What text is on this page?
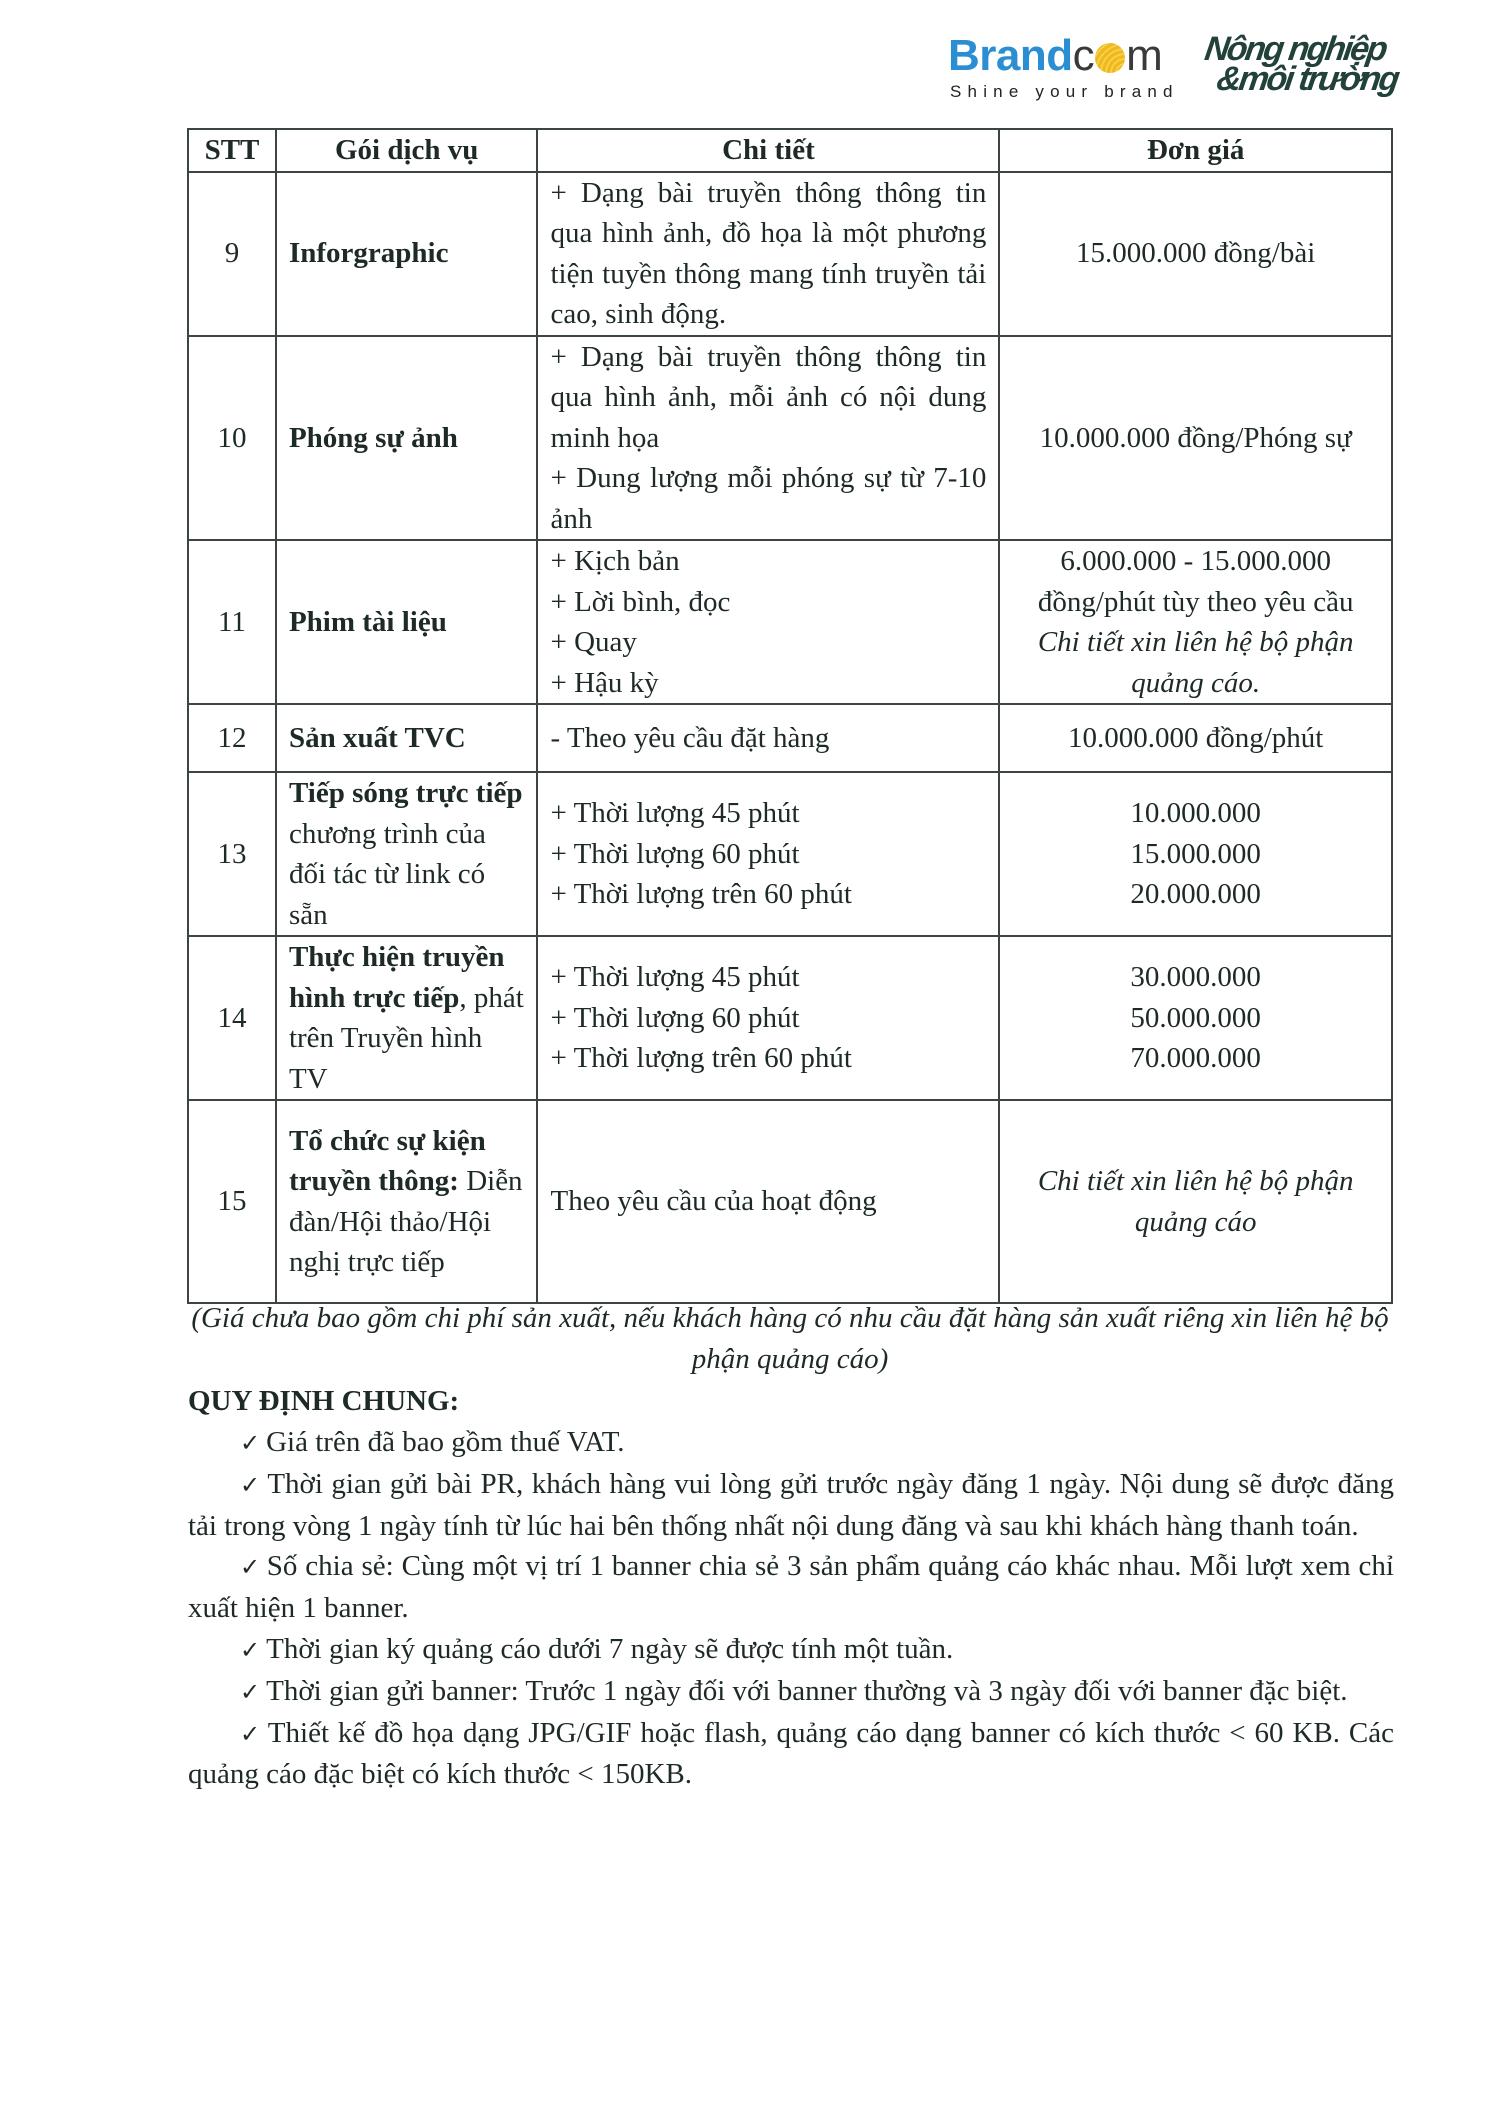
Brandc m
Shine your brand
Nông nghiệp
&môi trường
STT	Gói dịch vụ	Chi tiết	Đơn giá
9	Inforgraphic	+ Dạng bài truyền thông thông tin qua hình ảnh, đồ họa là một phương tiện tuyền thông mang tính truyền tải cao, sinh động.	15.000.000 đồng/bài

10	Phóng sự ảnh	+ Dạng bài truyền thông thông tin qua hình ảnh, mỗi ảnh có nội dung minh họa
+ Dung lượng mỗi phóng sự từ 7-10 ảnh	10.000.000 đồng/Phóng sự

11	Phim tài liệu	+ Kịch bản
+ Lời bình, đọc
+ Quay
+ Hậu kỳ	6.000.000 - 15.000.000 đồng/phút tùy theo yêu cầu
Chi tiết xin liên hệ bộ phận quảng cáo.

12	Sản xuất TVC	- Theo yêu cầu đặt hàng	10.000.000 đồng/phút

13	Tiếp sóng trực tiếp chương trình của đối tác từ link có sẵn	+ Thời lượng 45 phút
+ Thời lượng 60 phút
+ Thời lượng trên 60 phút	10.000.000
15.000.000
20.000.000

14	Thực hiện truyền hình trực tiếp, phát trên Truyền hình TV	+ Thời lượng 45 phút
+ Thời lượng 60 phút
+ Thời lượng trên 60 phút	30.000.000
50.000.000
70.000.000

15	Tổ chức sự kiện truyền thông: Diễn đàn/Hội thảo/Hội nghị trực tiếp	Theo yêu cầu của hoạt động	Chi tiết xin liên hệ bộ phận quảng cáo
(Giá chưa bao gồm chi phí sản xuất, nếu khách hàng có nhu cầu đặt hàng sản xuất riêng xin liên hệ bộ phận quảng cáo)
QUY ĐỊNH CHUNG:

✓ Giá trên đã bao gồm thuế VAT.

✓ Thời gian gửi bài PR, khách hàng vui lòng gửi trước ngày đăng 1 ngày. Nội dung sẽ được đăng tải trong vòng 1 ngày tính từ lúc hai bên thống nhất nội dung đăng và sau khi khách hàng thanh toán.

✓ Số chia sẻ: Cùng một vị trí 1 banner chia sẻ 3 sản phẩm quảng cáo khác nhau. Mỗi lượt xem chỉ xuất hiện 1 banner.

✓ Thời gian ký quảng cáo dưới 7 ngày sẽ được tính một tuần.

✓ Thời gian gửi banner: Trước 1 ngày đối với banner thường và 3 ngày đối với banner đặc biệt.

✓ Thiết kế đồ họa dạng JPG/GIF hoặc flash, quảng cáo dạng banner có kích thước < 60 KB. Các quảng cáo đặc biệt có kích thước < 150KB.
